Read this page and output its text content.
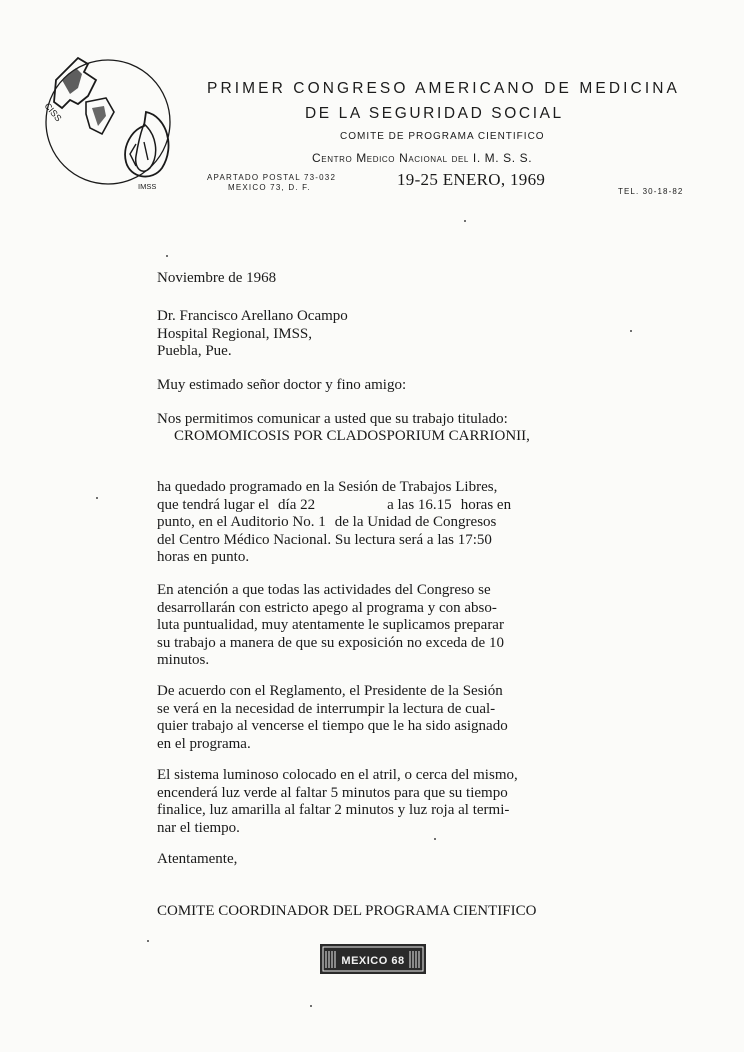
CISS
IMSS
PRIMER CONGRESO AMERICANO DE MEDICINA
DE LA SEGURIDAD SOCIAL
COMITE DE PROGRAMA CIENTIFICO
Centro Medico Nacional del I. M. S. S.
APARTADO POSTAL 73-032
MEXICO 73, D. F.	19-25 ENERO, 1969
TEL. 30-18-82
Noviembre de 1968
Dr. Francisco Arellano Ocampo
Hospital Regional, IMSS,
Puebla, Pue.
Muy estimado señor doctor y fino amigo:
Nos permitimos comunicar a usted que su trabajo titulado:
CROMOMICOSIS POR CLADOSPORIUM CARRIONII,
ha quedado programado en la Sesión de Trabajos Libres,
que tendrá lugar el día 22	a las 16.15 horas en
punto, en el Auditorio No. 1 de la Unidad de Congresos
del Centro Médico Nacional. Su lectura será a las 17:50
horas en punto.
En atención a que todas las actividades del Congreso se
desarrollarán con estricto apego al programa y con abso-
luta puntualidad, muy atentamente le suplicamos preparar
su trabajo a manera de que su exposición no exceda de 10
minutos.
De acuerdo con el Reglamento, el Presidente de la Sesión
se verá en la necesidad de interrumpir la lectura de cual-
quier trabajo al vencerse el tiempo que le ha sido asignado
en el programa.
El sistema luminoso colocado en el atril, o cerca del mismo,
encenderá luz verde al faltar 5 minutos para que su tiempo
finalice, luz amarilla al faltar 2 minutos y luz roja al termi-
nar el tiempo.
Atentamente,
COMITE COORDINADOR DEL PROGRAMA CIENTIFICO
MEXICO 68
